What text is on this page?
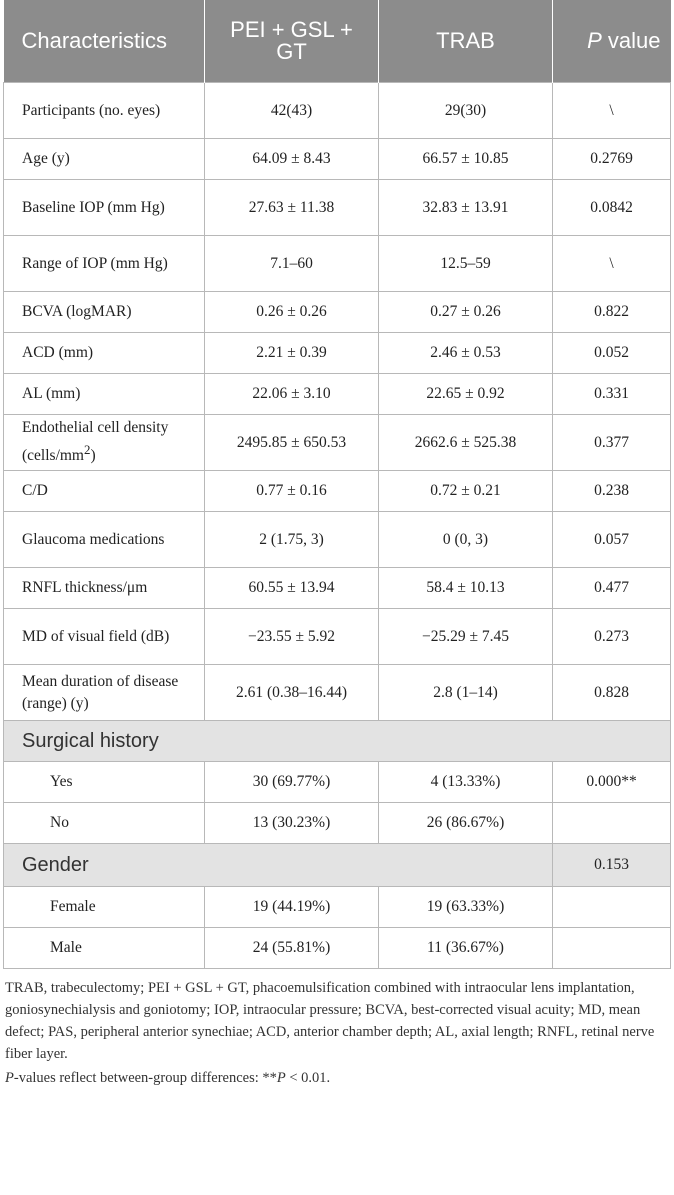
Characteristics	PEI + GSL + GT	TRAB	P value
Participants (no. eyes)	42(43)	29(30)	\
Age (y)	64.09 ± 8.43	66.57 ± 10.85	0.2769
Baseline IOP (mm Hg)	27.63 ± 11.38	32.83 ± 13.91	0.0842
Range of IOP (mm Hg)	7.1–60	12.5–59	\
BCVA (logMAR)	0.26 ± 0.26	0.27 ± 0.26	0.822
ACD (mm)	2.21 ± 0.39	2.46 ± 0.53	0.052
AL (mm)	22.06 ± 3.10	22.65 ± 0.92	0.331
Endothelial cell density $(cells/mm^2)$	2495.85 ± 650.53	2662.6 ± 525.38	0.377
C/D	0.77 ± 0.16	0.72 ± 0.21	0.238
Glaucoma medications	2 (1.75, 3)	0 (0, 3)	0.057
RNFL thickness/μm	60.55 ± 13.94	58.4 ± 10.13	0.477
MD of visual field (dB)	−23.55 ± 5.92	−25.29 ± 7.45	0.273
Mean duration of disease (range) (y)	2.61 (0.38–16.44)	2.8 (1–14)	0.828
Surgical history			
Yes	30 (69.77%)	4 (13.33%)	0.000**
No	13 (30.23%)	26 (86.67%)	
Gender			0.153
Female	19 (44.19%)	19 (63.33%)	
Male	24 (55.81%)	11 (36.67%)	

TRAB, trabeculectomy; PEI + GSL + GT, phacoemulsification combined with intraocular lens implantation, goniosynechialysis and goniotomy; IOP, intraocular pressure; BCVA, best-corrected visual acuity; MD, mean defect; PAS, peripheral anterior synechiae; ACD, anterior chamber depth; AL, axial length; RNFL, retinal nerve fiber layer.

P-values reflect between-group differences: **P < 0.01.
